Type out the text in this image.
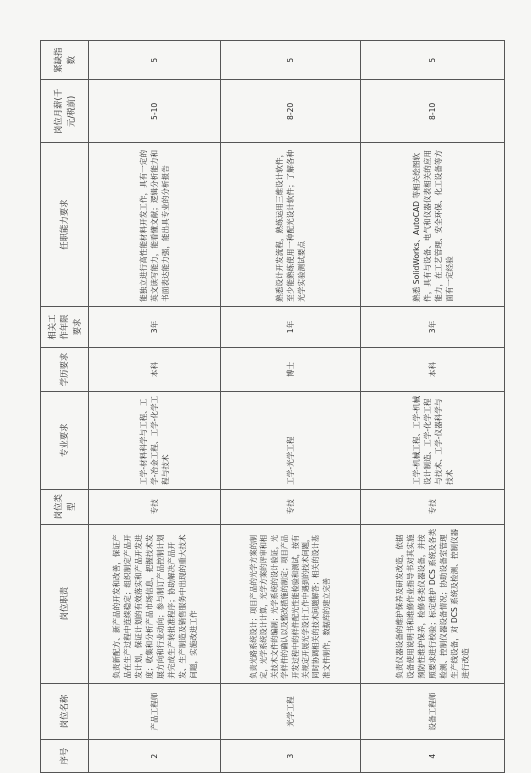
序号	岗位名称	岗位职责	岗位类型	专业要求	学历要求	相关工作年限要求	任职能力要求	岗位月薪(千元/税前)	紧缺指数
2	产品工程师	负责新配方、新产品的开发和改善，保证产品在生产过程中连续稳定；组织制定产品开发计划，保证计划的有效落实和产品开发进度；收集和分析产品市场信息，把握技术发展方向和行业动向；参与制订产品控制计划并完成生产转批准程序；协助解决产品开发、生产制造及销售服务中出现的重大技术问题，实施改进工作	专技	工学-材料科学与工程、工学-冶金工程、工学-化学工程与技术	本科	3年	能独立进行高性能材料开发工作，具有一定的英文读写能力，能看懂文献；逻辑分析能力和书面表达能力强，能出具专业的分析报告	5-10	5
3	光学工程	负责光路系统设计；项目产品的光学方案的制定，光学系统设计计算，光学方案的评审和相关技术文件的编制；光学系统的设计验证，光学样件的确认以及整改措施的制定；项目产品开发过程中的样件配光性能检验和测试，按有关规定开展光学设计工作中遇到的技术问题，同时协调相关的技术问题解答；相关的设计基准文件制作，数据库的建立完善	专技	工学-光学工程	博士	1年	熟悉设计开发流程，熟练运用三维设计软件，至少能熟练使用一种配光设计软件；了解各种光学实验测试要点	8-20	5
4	设备工程师	负责仪器设备的维护保养及研发改造，依据设备使用说明书和维修作业指导书对其实施预防性维护保养，检修各类仪器设备，并按照要求进行校验；标定维护 DCS 系统及各类检测、控制仪器设备情况；协助设备室管理生产线设备，对 DCS 系统及检测、控制仪器进行改造	专技	工学-机械工程、工学-机械设计制造、工学-化学工程与技术、工学-仪器科学与技术	本科	3年	熟悉 SolidWorks、AutoCAD 等相关绘图软件，具有与设备、电气和仪器仪表相关的应用能力，在工艺管理、安全环保、化工设备等方面有一定经验	8-10	5
